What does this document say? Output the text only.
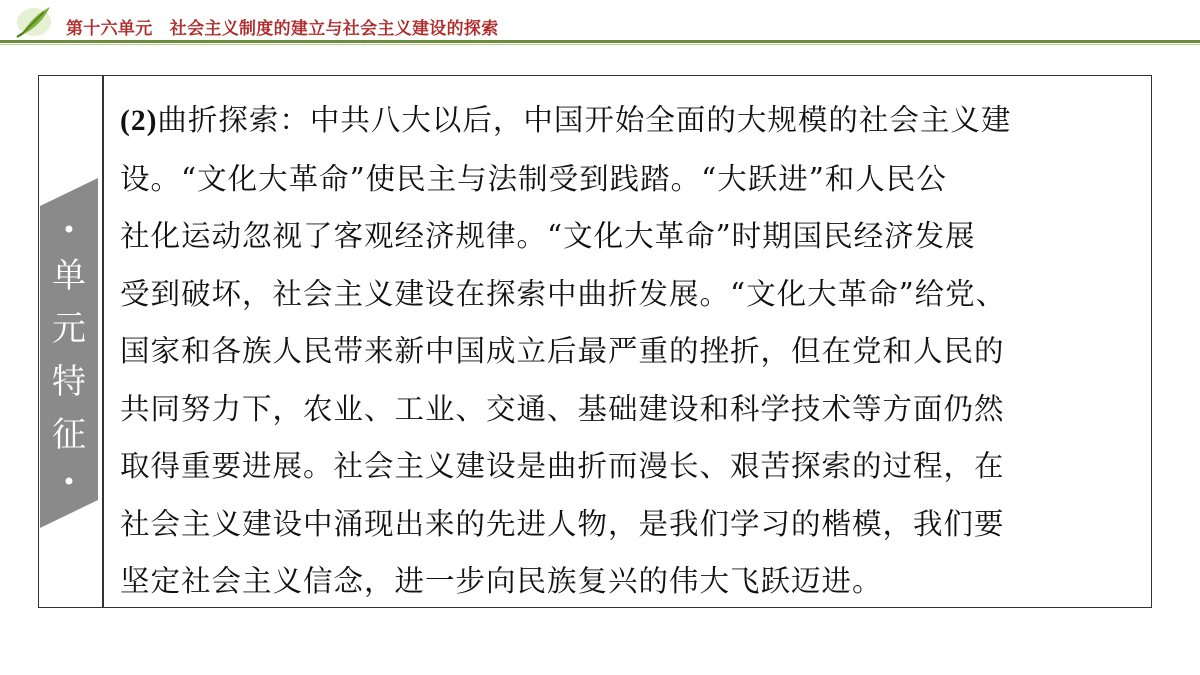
第十六单元　社会主义制度的建立与社会主义建设的探索
•
单
元
特
征
•
(2)曲折探索：中共八大以后，中国开始全面的大规模的社会主义建
设。“文化大革命”使民主与法制受到践踏。“大跃进”和人民公
社化运动忽视了客观经济规律。“文化大革命”时期国民经济发展
受到破坏，社会主义建设在探索中曲折发展。“文化大革命”给党、
国家和各族人民带来新中国成立后最严重的挫折，但在党和人民的
共同努力下，农业、工业、交通、基础建设和科学技术等方面仍然
取得重要进展。社会主义建设是曲折而漫长、艰苦探索的过程，在
社会主义建设中涌现出来的先进人物，是我们学习的楷模，我们要
坚定社会主义信念，进一步向民族复兴的伟大飞跃迈进。
